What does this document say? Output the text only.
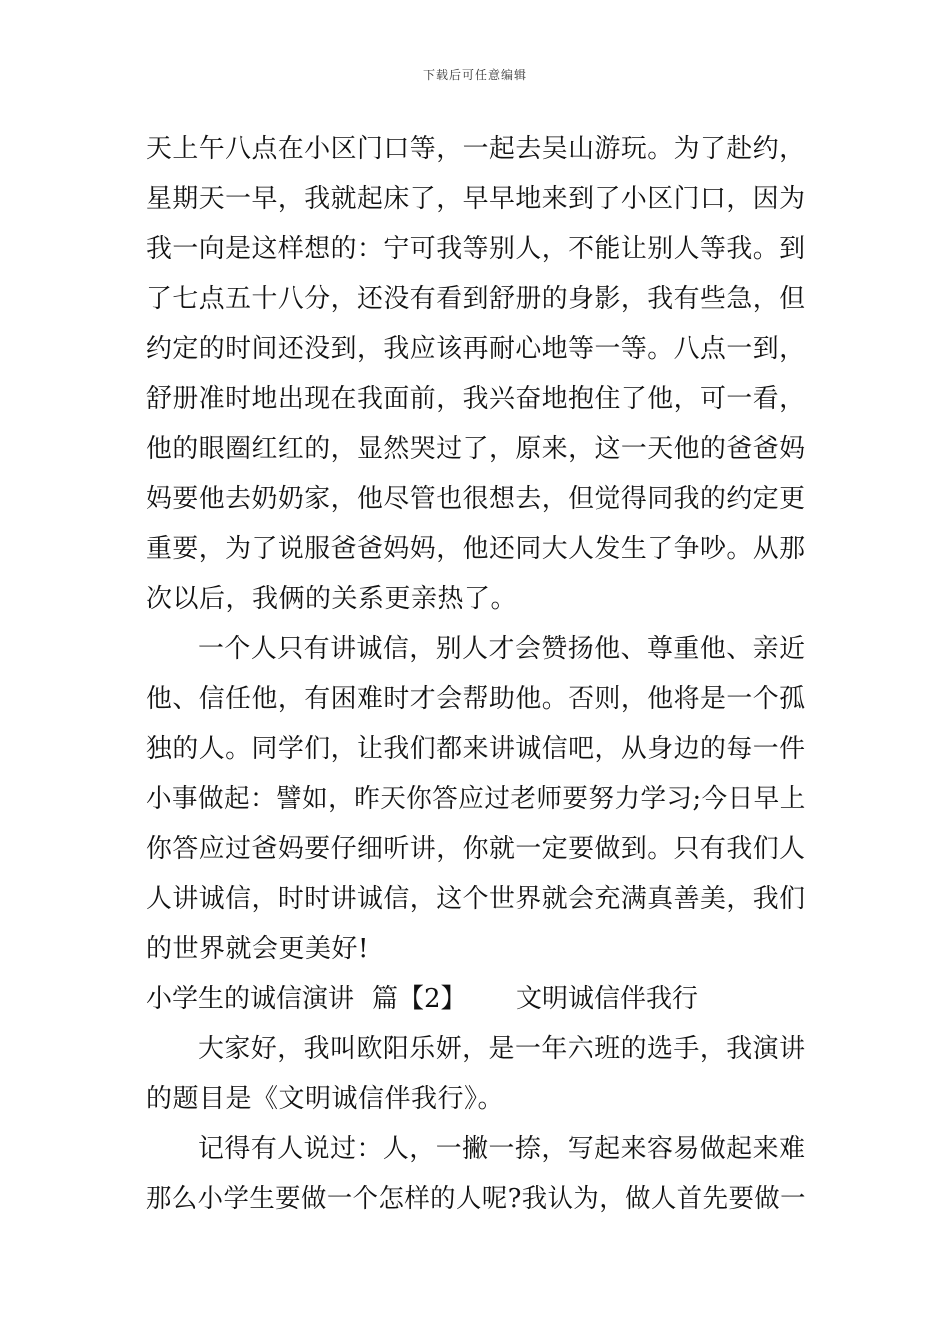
下载后可任意编辑
天上午八点在小区门口等，一起去吴山游玩。为了赴约，
星期天一早，我就起床了，早早地来到了小区门口，因为
我一向是这样想的：宁可我等别人，不能让别人等我。到
了七点五十八分，还没有看到舒册的身影，我有些急，但
约定的时间还没到，我应该再耐心地等一等。八点一到，
舒册准时地出现在我面前，我兴奋地抱住了他，可一看，
他的眼圈红红的，显然哭过了，原来，这一天他的爸爸妈
妈要他去奶奶家，他尽管也很想去，但觉得同我的约定更
重要，为了说服爸爸妈妈，他还同大人发生了争吵。从那
次以后，我俩的关系更亲热了。
一个人只有讲诚信，别人才会赞扬他、尊重他、亲近
他、信任他，有困难时才会帮助他。否则，他将是一个孤
独的人。同学们，让我们都来讲诚信吧，从身边的每一件
小事做起：譬如，昨天你答应过老师要努力学习;今日早上
你答应过爸妈要仔细听讲，你就一定要做到。只有我们人
人讲诚信，时时讲诚信，这个世界就会充满真善美，我们
的世界就会更美好!
小学生的诚信演讲 篇【2】 文明诚信伴我行
大家好，我叫欧阳乐妍，是一年六班的选手，我演讲
的题目是《文明诚信伴我行》。
记得有人说过：人，一撇一捺，写起来容易做起来难
那么小学生要做一个怎样的人呢?我认为，做人首先要做一
